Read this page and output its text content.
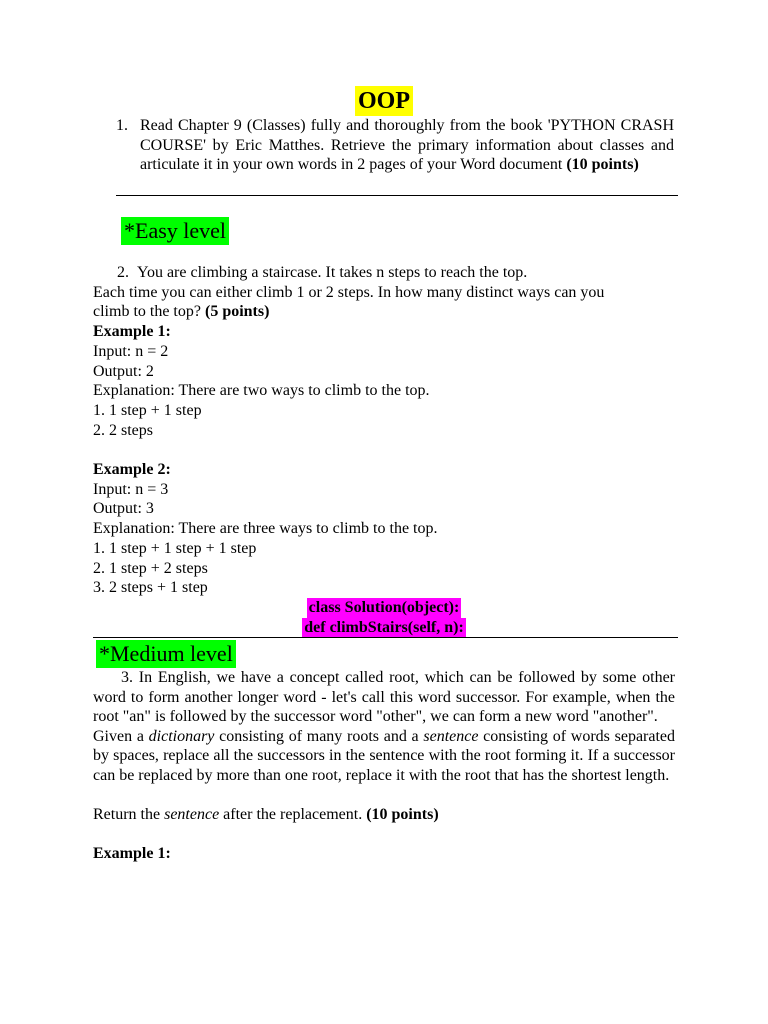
OOP
1. Read Chapter 9 (Classes) fully and thoroughly from the book 'PYTHON CRASH COURSE' by Eric Matthes. Retrieve the primary information about classes and articulate it in your own words in 2 pages of your Word document (10 points)
*Easy level
2. You are climbing a staircase. It takes n steps to reach the top.
Each time you can either climb 1 or 2 steps. In how many distinct ways can you
climb to the top? (5 points)
Example 1:
Input: n = 2
Output: 2
Explanation: There are two ways to climb to the top.
1. 1 step + 1 step
2. 2 steps

Example 2:
Input: n = 3
Output: 3
Explanation: There are three ways to climb to the top.
1. 1 step + 1 step + 1 step
2. 1 step + 2 steps
3. 2 steps + 1 step
class Solution(object):
def climbStairs(self, n):
*Medium level

3. In English, we have a concept called root, which can be followed by some other word to form another longer word - let's call this word successor. For example, when the root "an" is followed by the successor word "other", we can form a new word "another".

Given a dictionary consisting of many roots and a sentence consisting of words separated by spaces, replace all the successors in the sentence with the root forming it. If a successor can be replaced by more than one root, replace it with the root that has the shortest length.

Return the sentence after the replacement. (10 points)

Example 1:
